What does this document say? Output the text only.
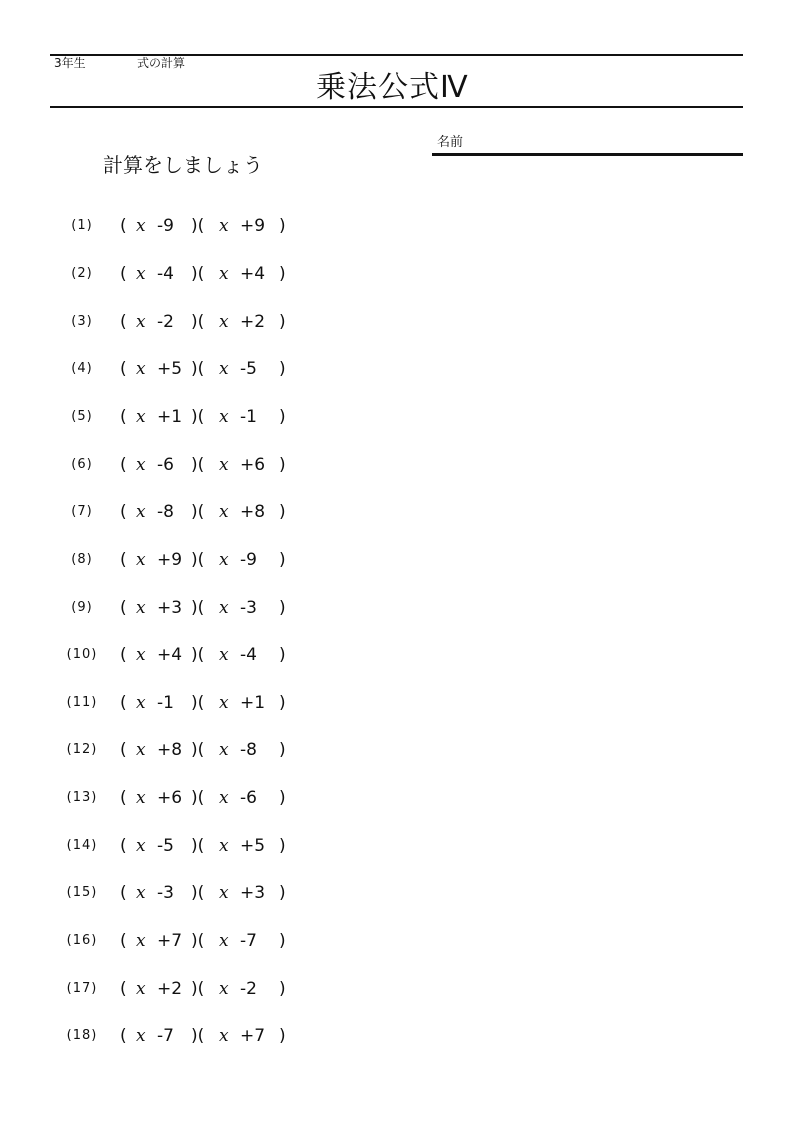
3年生	式の計算
乗法公式Ⅳ
名前
計算をしましょう
(1)	( x -9	)( x +9 )
(2)	( x -4	)( x +4 )
(3)	( x -2	)( x +2 )
(4)	( x +5 )( x -5	)
(5)	( x +1 )( x -1	)
(6)	( x -6	)( x +6 )
(7)	( x -8	)( x +8 )
(8)	( x +9 )( x -9	)
(9)	( x +3 )( x -3	)
(10) ( x +4 )( x -4	)
(11) ( x -1	)( x +1 )
(12) ( x +8 )( x -8	)
(13) ( x +6 )( x -6	)
(14) ( x -5	)( x +5 )
(15) ( x -3	)( x +3 )
(16) ( x +7 )( x -7	)
(17) ( x +2 )( x -2	)
(18) ( x -7	)( x +7 )
